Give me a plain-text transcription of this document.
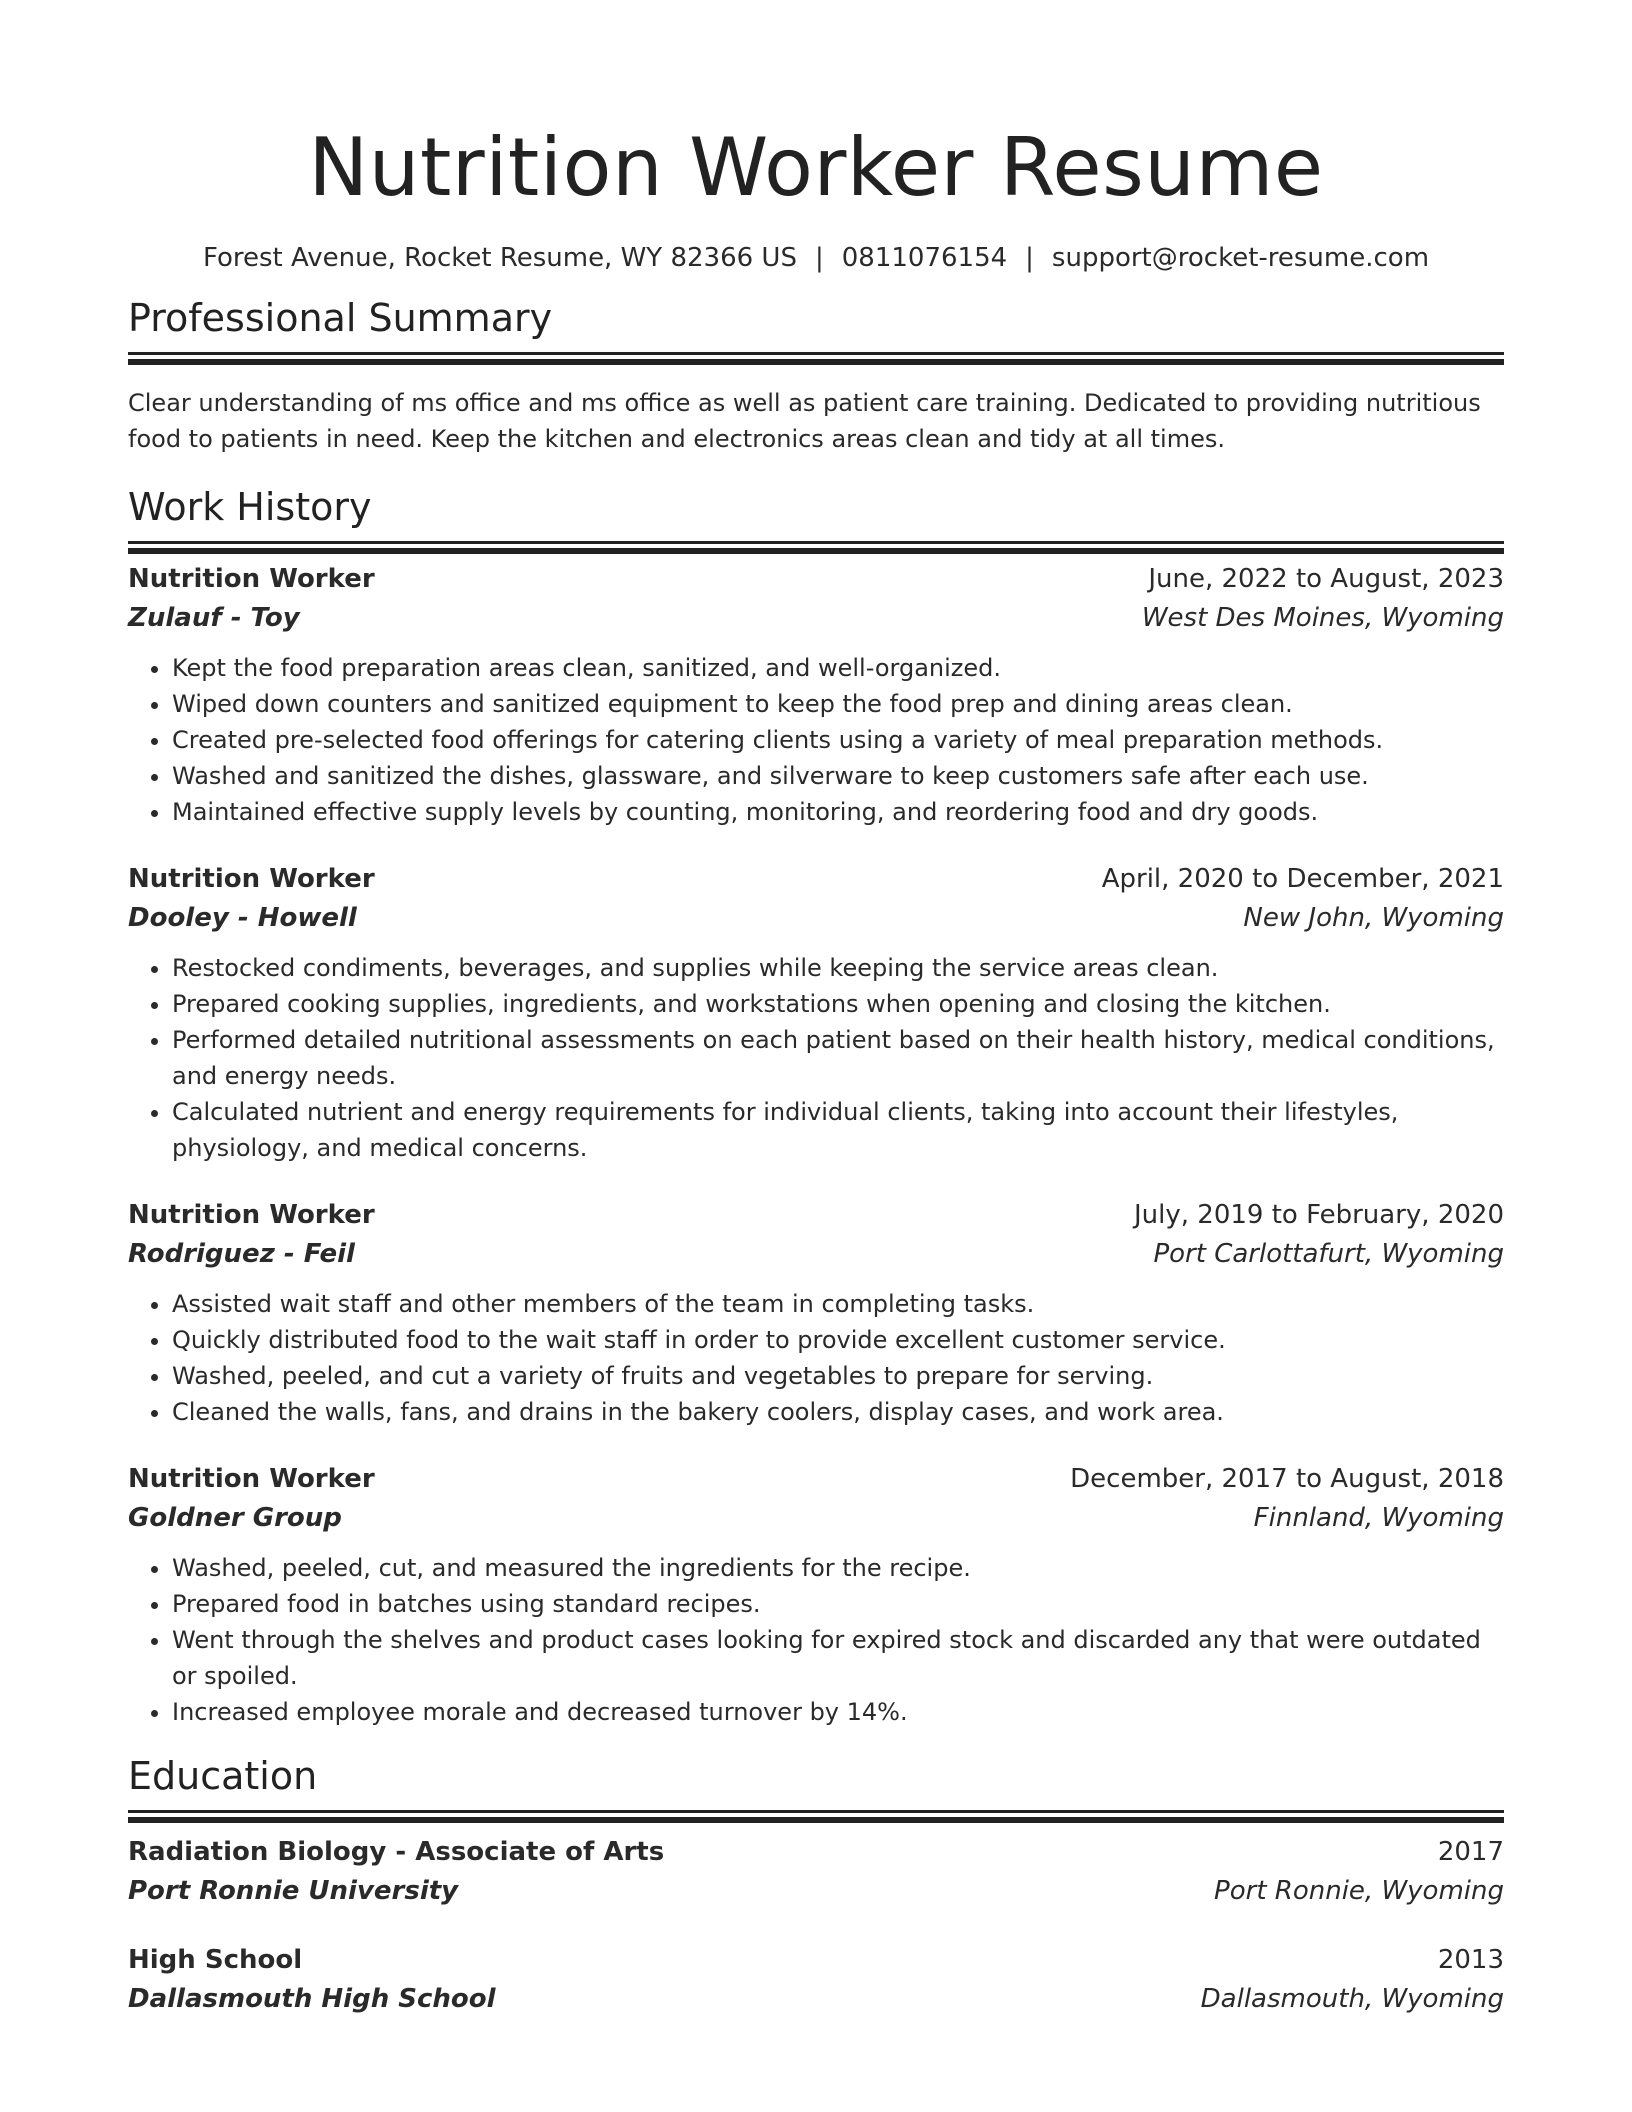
Nutrition Worker Resume
Forest Avenue, Rocket Resume, WY 82366 US | 0811076154 | support@rocket-resume.com
Professional Summary

Clear understanding of ms office and ms office as well as patient care training. Dedicated to providing nutritious food to patients in need. Keep the kitchen and electronics areas clean and tidy at all times.

Work History
Nutrition Worker	June, 2022 to August, 2023
Zulauf - Toy	West Des Moines, Wyoming
• Kept the food preparation areas clean, sanitized, and well-organized.
• Wiped down counters and sanitized equipment to keep the food prep and dining areas clean.
• Created pre-selected food offerings for catering clients using a variety of meal preparation methods.
• Washed and sanitized the dishes, glassware, and silverware to keep customers safe after each use.
• Maintained effective supply levels by counting, monitoring, and reordering food and dry goods.
Nutrition Worker	April, 2020 to December, 2021
Dooley - Howell	New John, Wyoming
• Restocked condiments, beverages, and supplies while keeping the service areas clean.
• Prepared cooking supplies, ingredients, and workstations when opening and closing the kitchen.
• Performed detailed nutritional assessments on each patient based on their health history, medical conditions, and energy needs.
• Calculated nutrient and energy requirements for individual clients, taking into account their lifestyles, physiology, and medical concerns.
Nutrition Worker	July, 2019 to February, 2020
Rodriguez - Feil	Port Carlottafurt, Wyoming
• Assisted wait staff and other members of the team in completing tasks.
• Quickly distributed food to the wait staff in order to provide excellent customer service.
• Washed, peeled, and cut a variety of fruits and vegetables to prepare for serving.
• Cleaned the walls, fans, and drains in the bakery coolers, display cases, and work area.
Nutrition Worker	December, 2017 to August, 2018
Goldner Group	Finnland, Wyoming
• Washed, peeled, cut, and measured the ingredients for the recipe.
• Prepared food in batches using standard recipes.
• Went through the shelves and product cases looking for expired stock and discarded any that were outdated or spoiled.
• Increased employee morale and decreased turnover by 14%.
Education
Radiation Biology - Associate of Arts	2017
Port Ronnie University	Port Ronnie, Wyoming
High School	2013
Dallasmouth High School	Dallasmouth, Wyoming
